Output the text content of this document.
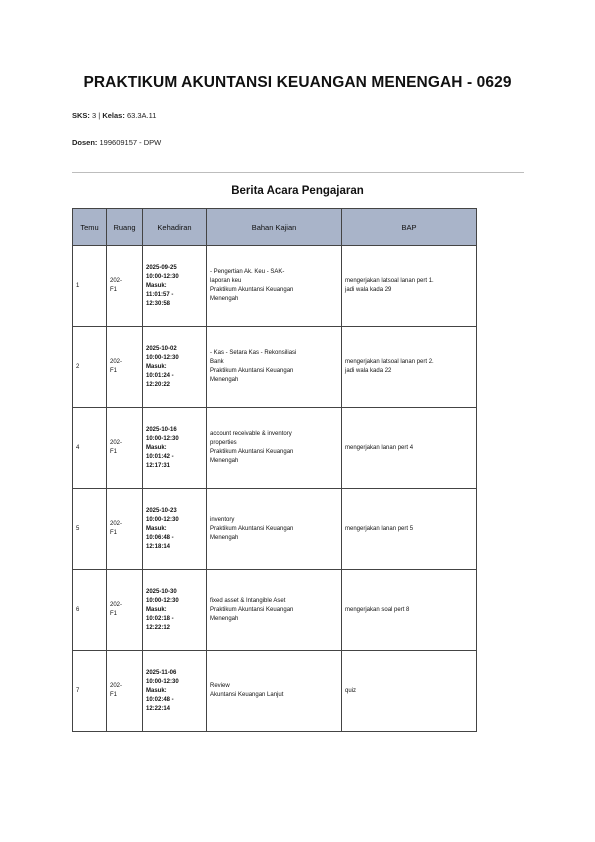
PRAKTIKUM AKUNTANSI KEUANGAN MENENGAH - 0629
SKS: 3 | Kelas: 63.3A.11
Dosen: 199609157 - DPW
Berita Acara Pengajaran
Temu	Ruang	Kehadiran	Bahan Kajian	BAP
1	202-
F1	2025-09-25
10:00-12:30
Masuk:
11:01:57 -
12:30:58	- Pengertian Ak. Keu - SAK-
laporan keu
Praktikum Akuntansi Keuangan
Menengah	mengerjakan latsoal lanan pert 1.
jadi wala kada 29

2	202-
F1	2025-10-02
10:00-12:30
Masuk:
10:01:24 -
12:20:22	- Kas - Setara Kas - Rekonsiliasi
Bank
Praktikum Akuntansi Keuangan
Menengah	mengerjakan latsoal lanan pert 2.
jadi wala kada 22

4	202-
F1	2025-10-16
10:00-12:30
Masuk:
10:01:42 -
12:17:31	account receivable & inventory
properties
Praktikum Akuntansi Keuangan
Menengah	mengerjakan lanan pert 4

5	202-
F1	2025-10-23
10:00-12:30
Masuk:
10:06:48 -
12:18:14	inventory
Praktikum Akuntansi Keuangan
Menengah	mengerjakan lanan pert 5

6	202-
F1	2025-10-30
10:00-12:30
Masuk:
10:02:18 -
12:22:12	fixed asset & Intangible Aset
Praktikum Akuntansi Keuangan
Menengah	mengerjakan soal pert 8

7	202-
F1	2025-11-06
10:00-12:30
Masuk:
10:02:48 -
12:22:14	Review
Akuntansi Keuangan Lanjut	quiz
